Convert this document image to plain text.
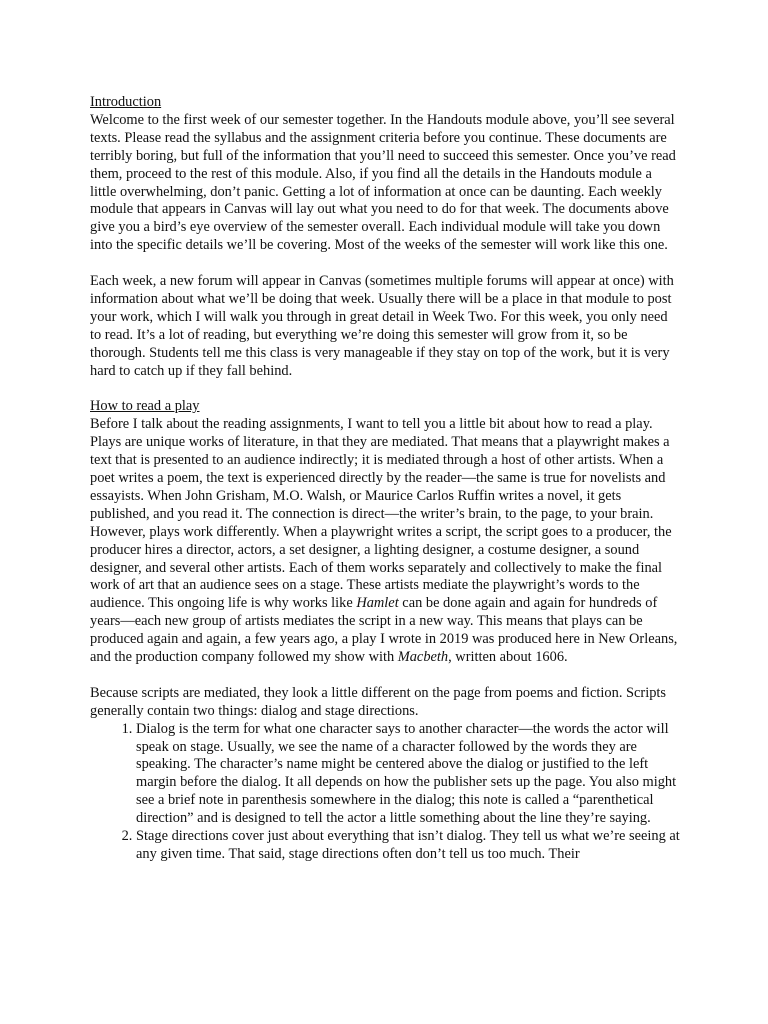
Introduction

Welcome to the first week of our semester together. In the Handouts module above, you’ll see several texts. Please read the syllabus and the assignment criteria before you continue. These documents are terribly boring, but full of the information that you’ll need to succeed this semester. Once you’ve read them, proceed to the rest of this module. Also, if you find all the details in the Handouts module a little overwhelming, don’t panic. Getting a lot of information at once can be daunting. Each weekly module that appears in Canvas will lay out what you need to do for that week. The documents above give you a bird’s eye overview of the semester overall. Each individual module will take you down into the specific details we’ll be covering. Most of the weeks of the semester will work like this one.

Each week, a new forum will appear in Canvas (sometimes multiple forums will appear at once) with information about what we’ll be doing that week. Usually there will be a place in that module to post your work, which I will walk you through in great detail in Week Two. For this week, you only need to read. It’s a lot of reading, but everything we’re doing this semester will grow from it, so be thorough. Students tell me this class is very manageable if they stay on top of the work, but it is very hard to catch up if they fall behind.

How to read a play

Before I talk about the reading assignments, I want to tell you a little bit about how to read a play. Plays are unique works of literature, in that they are mediated. That means that a playwright makes a text that is presented to an audience indirectly; it is mediated through a host of other artists. When a poet writes a poem, the text is experienced directly by the reader—the same is true for novelists and essayists. When John Grisham, M.O. Walsh, or Maurice Carlos Ruffin writes a novel, it gets published, and you read it. The connection is direct—the writer’s brain, to the page, to your brain. However, plays work differently. When a playwright writes a script, the script goes to a producer, the producer hires a director, actors, a set designer, a lighting designer, a costume designer, a sound designer, and several other artists. Each of them works separately and collectively to make the final work of art that an audience sees on a stage. These artists mediate the playwright’s words to the audience. This ongoing life is why works like Hamlet can be done again and again for hundreds of years—each new group of artists mediates the script in a new way. This means that plays can be produced again and again, a few years ago, a play I wrote in 2019 was produced here in New Orleans, and the production company followed my show with Macbeth, written about 1606.

Because scripts are mediated, they look a little different on the page from poems and fiction. Scripts generally contain two things: dialog and stage directions.

1. Dialog is the term for what one character says to another character—the words the actor will speak on stage. Usually, we see the name of a character followed by the words they are speaking. The character’s name might be centered above the dialog or justified to the left margin before the dialog. It all depends on how the publisher sets up the page. You also might see a brief note in parenthesis somewhere in the dialog; this note is called a “parenthetical direction” and is designed to tell the actor a little something about the line they’re saying.
2. Stage directions cover just about everything that isn’t dialog. They tell us what we’re seeing at any given time. That said, stage directions often don’t tell us too much. Their
